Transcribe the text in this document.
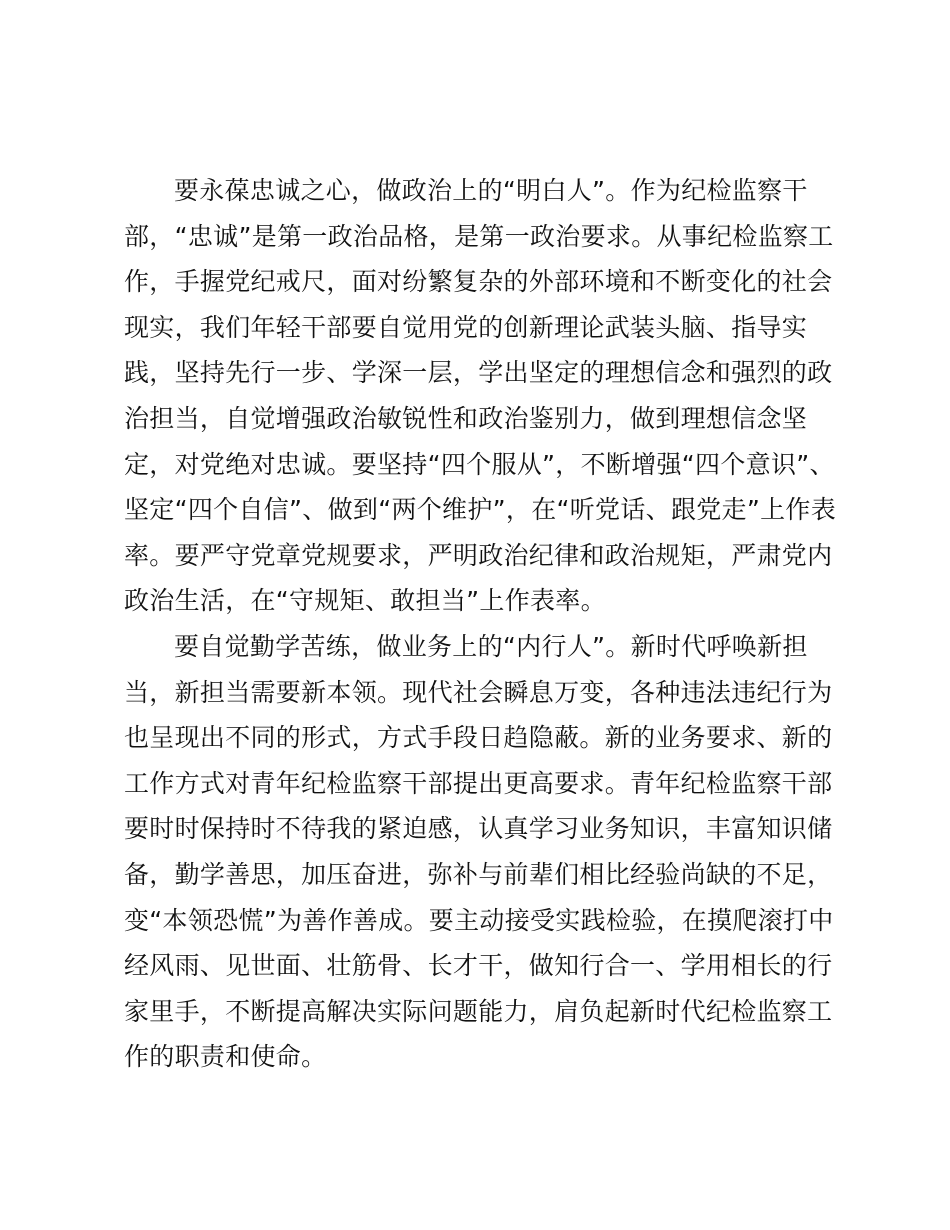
要永葆忠诚之心，做政治上的“明白人”。作为纪检监察干
部，“忠诚”是第一政治品格，是第一政治要求。从事纪检监察工
作，手握党纪戒尺，面对纷繁复杂的外部环境和不断变化的社会
现实，我们年轻干部要自觉用党的创新理论武装头脑、指导实
践，坚持先行一步、学深一层，学出坚定的理想信念和强烈的政
治担当，自觉增强政治敏锐性和政治鉴别力，做到理想信念坚
定，对党绝对忠诚。要坚持“四个服从”，不断增强“四个意识”、
坚定“四个自信”、做到“两个维护”，在“听党话、跟党走”上作表
率。要严守党章党规要求，严明政治纪律和政治规矩，严肃党内
政治生活，在“守规矩、敢担当”上作表率。
要自觉勤学苦练，做业务上的“内行人”。新时代呼唤新担
当，新担当需要新本领。现代社会瞬息万变，各种违法违纪行为
也呈现出不同的形式，方式手段日趋隐蔽。新的业务要求、新的
工作方式对青年纪检监察干部提出更高要求。青年纪检监察干部
要时时保持时不待我的紧迫感，认真学习业务知识，丰富知识储
备，勤学善思，加压奋进，弥补与前辈们相比经验尚缺的不足，
变“本领恐慌”为善作善成。要主动接受实践检验，在摸爬滚打中
经风雨、见世面、壮筋骨、长才干，做知行合一、学用相长的行
家里手，不断提高解决实际问题能力，肩负起新时代纪检监察工
作的职责和使命。
